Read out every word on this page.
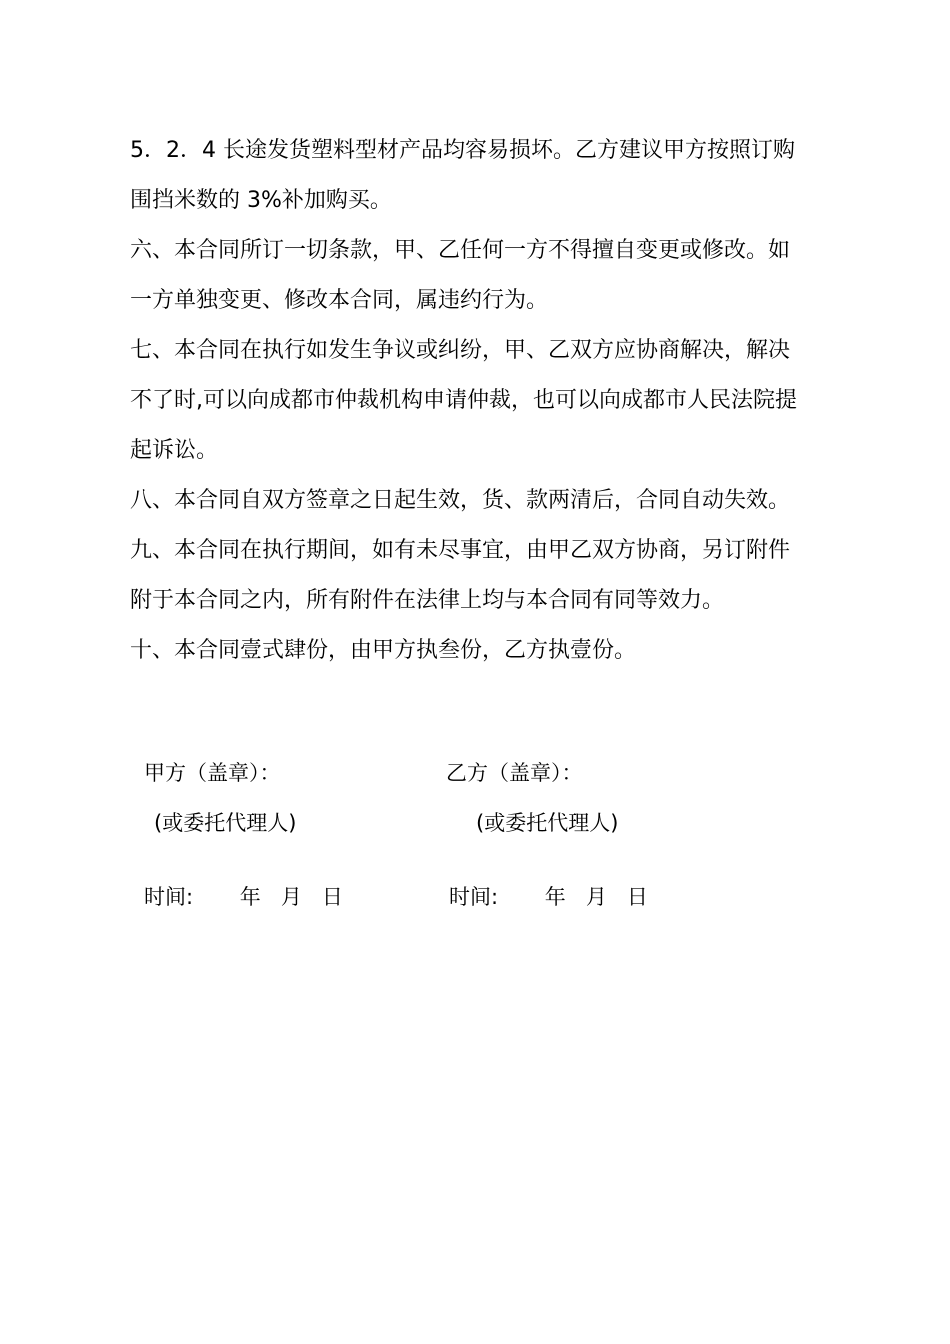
5．2．4 长途发货塑料型材产品均容易损坏。乙方建议甲方按照订购
围挡米数的 3%补加购买。
六、本合同所订一切条款，甲、乙任何一方不得擅自变更或修改。如
一方单独变更、修改本合同，属违约行为。
七、本合同在执行如发生争议或纠纷，甲、乙双方应协商解决，解决
不了时,可以向成都市仲裁机构申请仲裁，也可以向成都市人民法院提
起诉讼。
八、本合同自双方签章之日起生效，货、款两清后，合同自动失效。
九、本合同在执行期间，如有未尽事宜，由甲乙双方协商，另订附件
附于本合同之内，所有附件在法律上均与本合同有同等效力。
十、本合同壹式肆份，由甲方执叁份，乙方执壹份。
甲方（盖章）：	乙方（盖章）：
(或委托代理人)	(或委托代理人)
时间:       年   月   日	时间:       年   月   日
